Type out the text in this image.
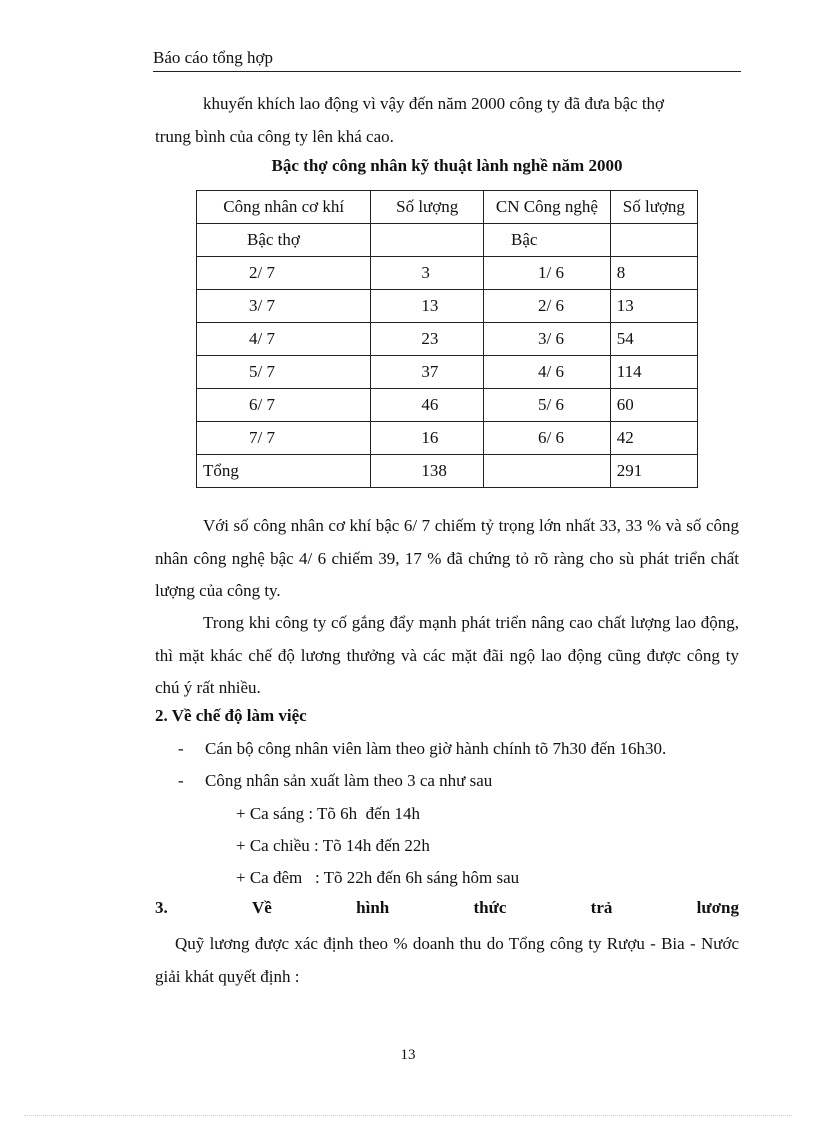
Báo cáo tổng hợp
khuyến khích lao động vì vậy đến năm 2000 công ty đã đưa bậc thợ
trung bình của công ty lên khá cao.
Bậc thợ công nhân kỹ thuật lành nghề năm 2000
Công nhân cơ khí	Số lượng	CN Công nghệ	Số lượng
Bậc thợ		Bậc	
2/ 7	3	1/ 6	8
3/ 7	13	2/ 6	13
4/ 7	23	3/ 6	54
5/ 7	37	4/ 6	114
6/ 7	46	5/ 6	60
7/ 7	16	6/ 6	42
Tổng	138		291
Với số công nhân cơ khí bậc 6/ 7 chiếm tỷ trọng lớn nhất 33, 33 % và số công nhân công nghệ bậc 4/ 6 chiếm 39, 17 % đã chứng tỏ rõ ràng cho sù phát triển chất lượng của công ty.
Trong khi công ty cố gắng đẩy mạnh phát triển nâng cao chất lượng lao động, thì mặt khác chế độ lương thưởng và các mặt đãi ngộ lao động cũng được công ty chú ý rất nhiều.
2. Về chế độ làm việc
- Cán bộ công nhân viên làm theo giờ hành chính tõ 7h30 đến 16h30.
- Công nhân sản xuất làm theo 3 ca như sau
+ Ca sáng : Tõ 6h  đến 14h
+ Ca chiều : Tõ 14h đến 22h
+ Ca đêm   : Tõ 22h đến 6h sáng hôm sau
3.	Về	hình	thức	trả	lương
Quỹ lương được xác định theo % doanh thu do Tổng công ty Rượu - Bia - Nước giải khát quyết định :
13
